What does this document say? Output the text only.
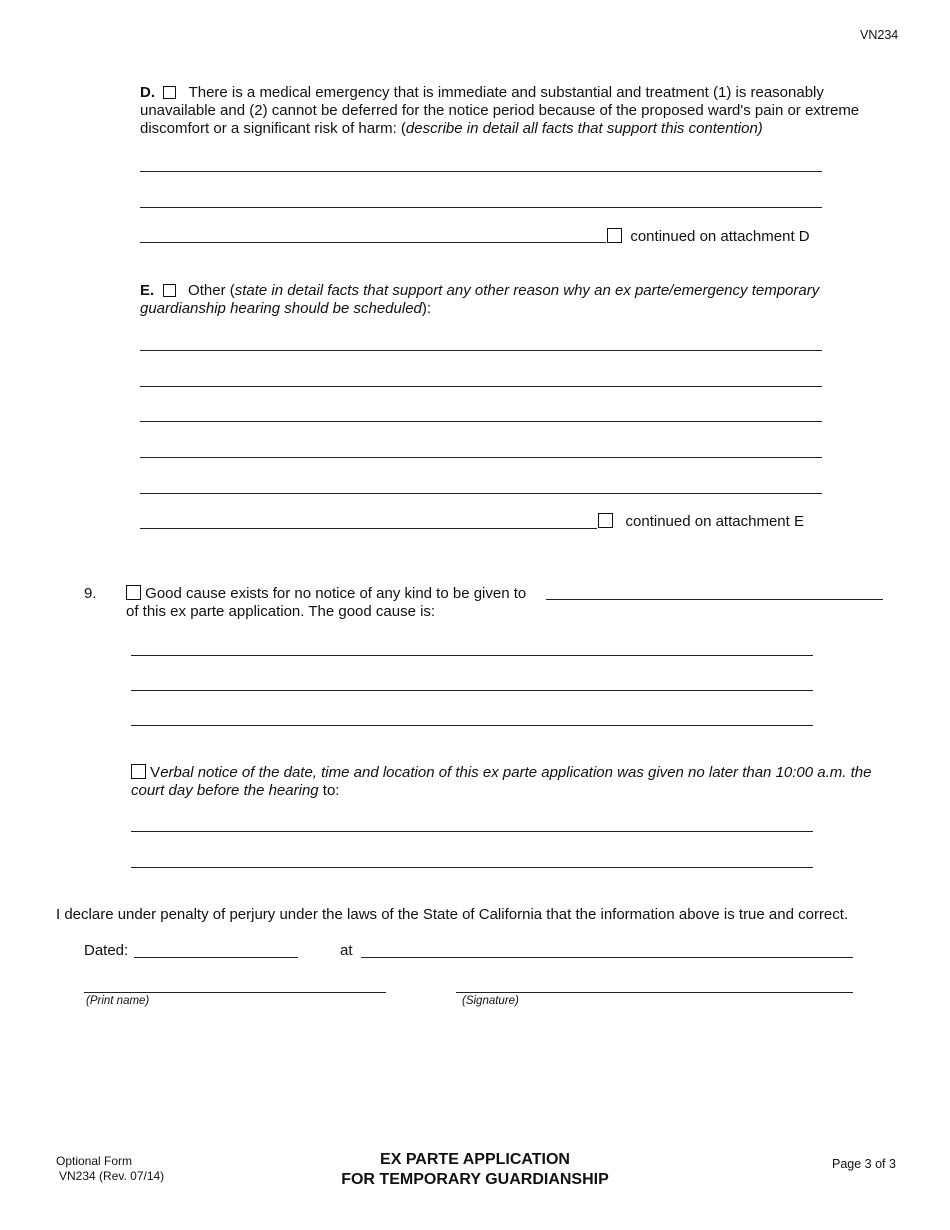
VN234
D. There is a medical emergency that is immediate and substantial and treatment (1) is reasonably unavailable and (2) cannot be deferred for the notice period because of the proposed ward's pain or extreme discomfort or a significant risk of harm: (describe in detail all facts that support this contention)
continued on attachment D
E. Other (state in detail facts that support any other reason why an ex parte/emergency temporary guardianship hearing should be scheduled):
continued on attachment E
9.	Good cause exists for no notice of any kind to be given to
of this ex parte application. The good cause is:
Verbal notice of the date, time and location of this ex parte application was given no later than 10:00 a.m. the court day before the hearing to:
I declare under penalty of perjury under the laws of the State of California that the information above is true and correct.
Dated:	at
(Print name)	(Signature)
Optional Form
VN234 (Rev. 07/14)
EX PARTE APPLICATION
FOR TEMPORARY GUARDIANSHIP
Page 3 of 3
